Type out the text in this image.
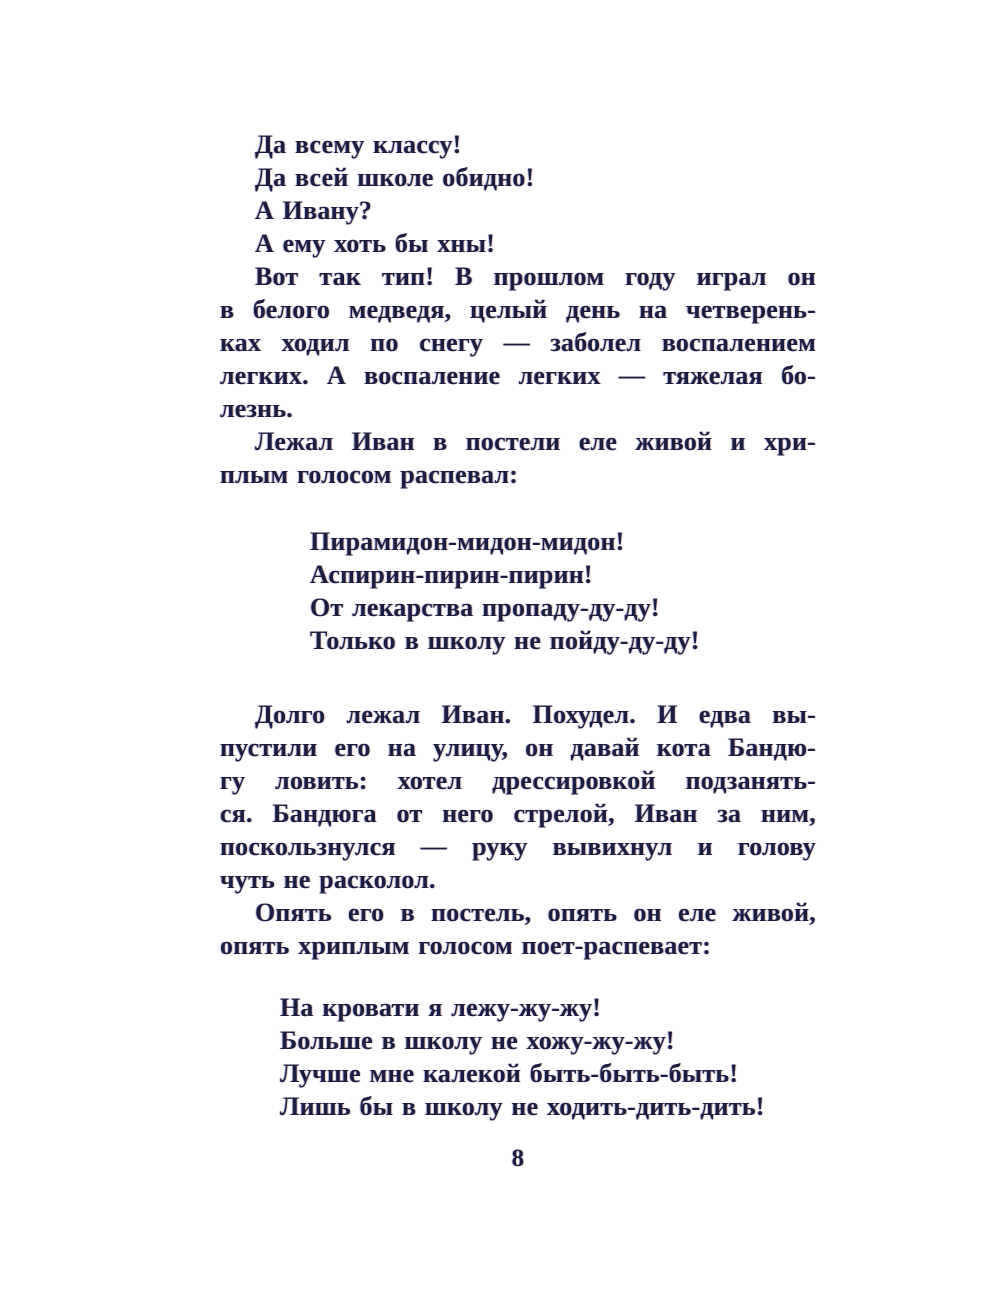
Да всему классу!
Да всей школе обидно!
А Ивану?
А ему хоть бы хны!
Вот так тип! В прошлом году играл он
в белого медведя, целый день на четверень-
ках ходил по снегу — заболел воспалением
легких. А воспаление легких — тяжелая бо-
лезнь.
Лежал Иван в постели еле живой и хри-
плым голосом распевал:
Пирамидон-мидон-мидон!
Аспирин-пирин-пирин!
От лекарства пропаду-ду-ду!
Только в школу не пойду-ду-ду!
Долго лежал Иван. Похудел. И едва вы-
пустили его на улицу, он давай кота Бандю-
гу ловить: хотел дрессировкой подзанять-
ся. Бандюга от него стрелой, Иван за ним,
поскользнулся — руку вывихнул и голову
чуть не расколол.
Опять его в постель, опять он еле живой,
опять хриплым голосом поет-распевает:
На кровати я лежу-жу-жу!
Больше в школу не хожу-жу-жу!
Лучше мне калекой быть-быть-быть!
Лишь бы в школу не ходить-дить-дить!
8
